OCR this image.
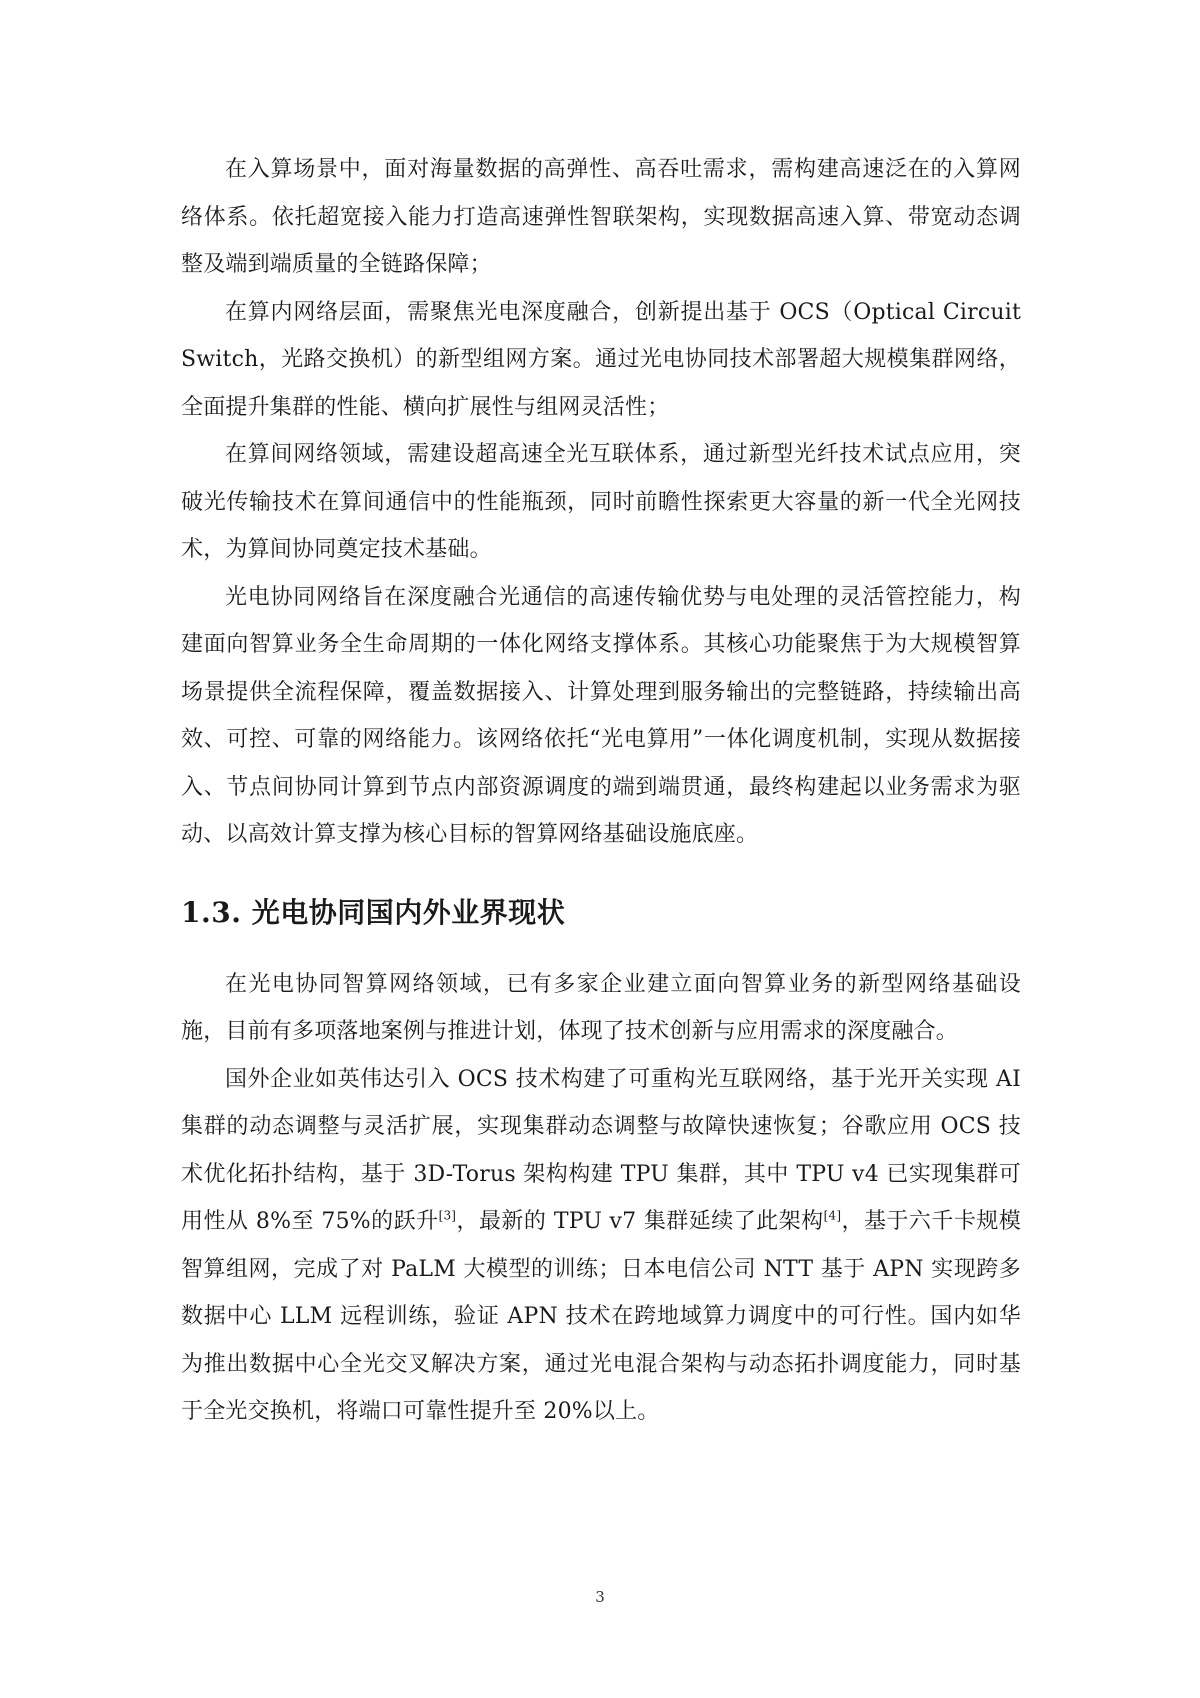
在入算场景中，面对海量数据的高弹性、高吞吐需求，需构建高速泛在的入算网络体系。依托超宽接入能力打造高速弹性智联架构，实现数据高速入算、带宽动态调整及端到端质量的全链路保障；

在算内网络层面，需聚焦光电深度融合，创新提出基于 OCS（Optical Circuit Switch，光路交换机）的新型组网方案。通过光电协同技术部署超大规模集群网络，全面提升集群的性能、横向扩展性与组网灵活性；

在算间网络领域，需建设超高速全光互联体系，通过新型光纤技术试点应用，突破光传输技术在算间通信中的性能瓶颈，同时前瞻性探索更大容量的新一代全光网技术，为算间协同奠定技术基础。

光电协同网络旨在深度融合光通信的高速传输优势与电处理的灵活管控能力，构建面向智算业务全生命周期的一体化网络支撑体系。其核心功能聚焦于为大规模智算场景提供全流程保障，覆盖数据接入、计算处理到服务输出的完整链路，持续输出高效、可控、可靠的网络能力。该网络依托“光电算用”一体化调度机制，实现从数据接入、节点间协同计算到节点内部资源调度的端到端贯通，最终构建起以业务需求为驱动、以高效计算支撑为核心目标的智算网络基础设施底座。

1.3. 光电协同国内外业界现状

在光电协同智算网络领域，已有多家企业建立面向智算业务的新型网络基础设施，目前有多项落地案例与推进计划，体现了技术创新与应用需求的深度融合。

国外企业如英伟达引入 OCS 技术构建了可重构光互联网络，基于光开关实现 AI 集群的动态调整与灵活扩展，实现集群动态调整与故障快速恢复；谷歌应用 OCS 技术优化拓扑结构，基于 3D-Torus 架构构建 TPU 集群，其中 TPU v4 已实现集群可用性从 8%至 75%的跃升[3]，最新的 TPU v7 集群延续了此架构[4]，基于六千卡规模智算组网，完成了对 PaLM 大模型的训练；日本电信公司 NTT 基于 APN 实现跨多数据中心 LLM 远程训练，验证 APN 技术在跨地域算力调度中的可行性。国内如华为推出数据中心全光交叉解决方案，通过光电混合架构与动态拓扑调度能力，同时基于全光交换机，将端口可靠性提升至 20%以上。

3
